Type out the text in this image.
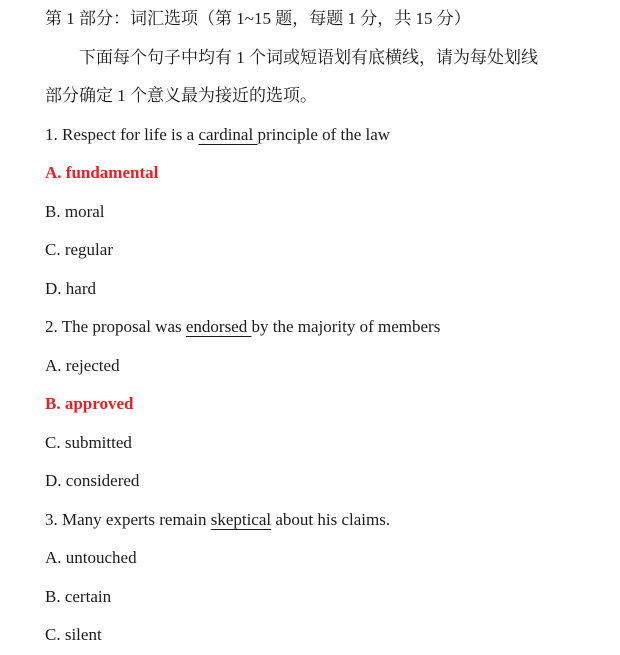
第 1 部分：词汇选项（第 1~15 题，每题 1 分，共 15 分）

下面每个句子中均有 1 个词或短语划有底横线，请为每处划线

部分确定 1 个意义最为接近的选项。

1. Respect for life is a cardinal principle of the law

A. fundamental

B. moral

C. regular

D. hard

2. The proposal was endorsed by the majority of members

A. rejected

B. approved

C. submitted

D. considered

3. Many experts remain skeptical about his claims.

A. untouched

B. certain

C. silent
